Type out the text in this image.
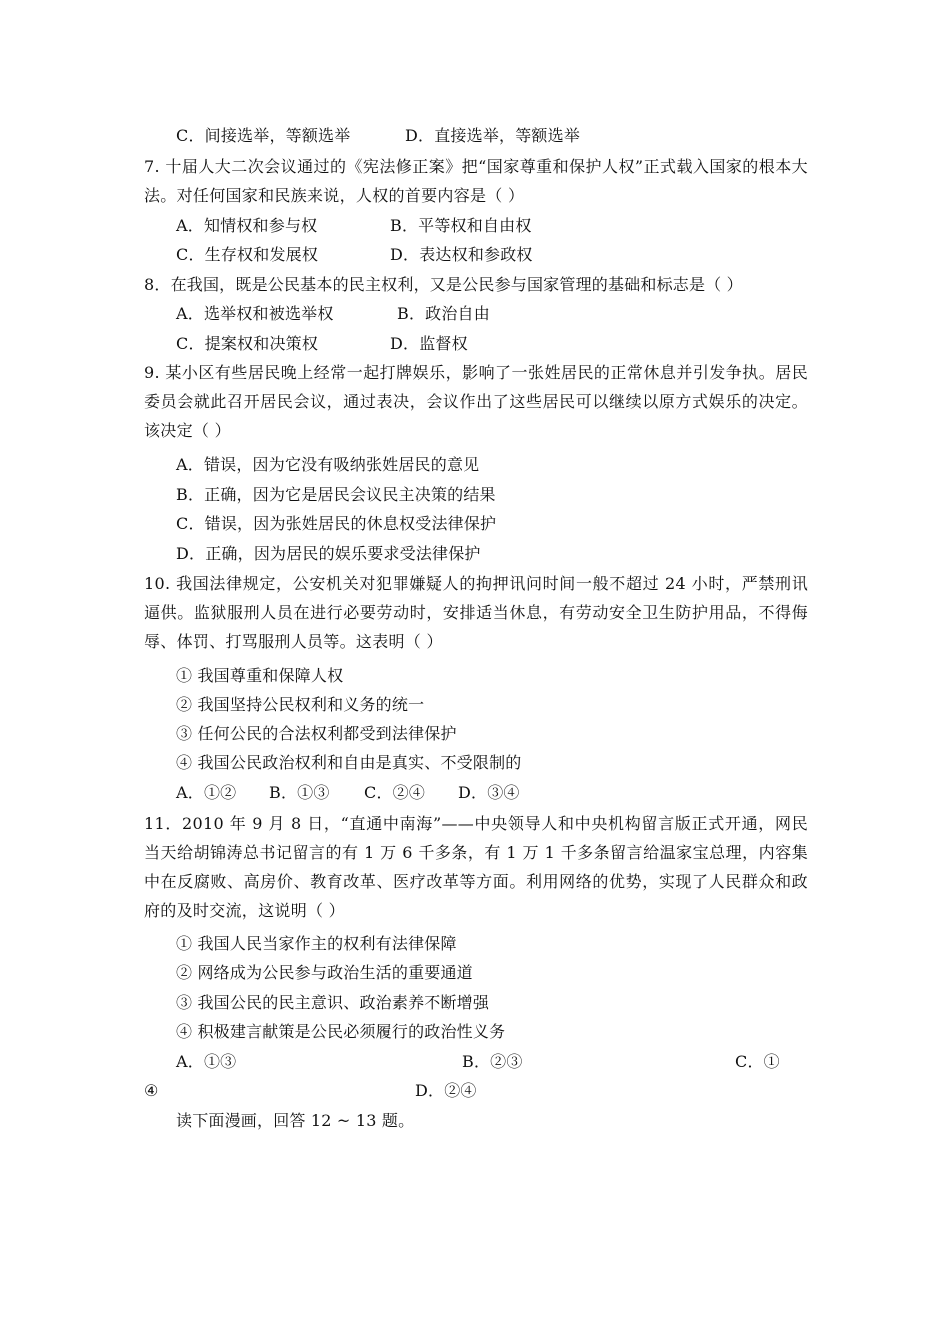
C．间接选举，等额选举	D．直接选举，等额选举
7. 十届人大二次会议通过的《宪法修正案》把“国家尊重和保护人权”正式载入国家的根本大法。对任何国家和民族来说，人权的首要内容是（ ）
A．知情权和参与权	B．平等权和自由权
C．生存权和发展权	D．表达权和参政权
8．在我国，既是公民基本的民主权利，又是公民参与国家管理的基础和标志是（ ）
A．选举权和被选举权	B．政治自由
C．提案权和决策权	D．监督权
9. 某小区有些居民晚上经常一起打牌娱乐，影响了一张姓居民的正常休息并引发争执。居民委员会就此召开居民会议，通过表决，会议作出了这些居民可以继续以原方式娱乐的决定。该决定（ ）
A．错误，因为它没有吸纳张姓居民的意见
B．正确，因为它是居民会议民主决策的结果
C．错误，因为张姓居民的休息权受法律保护
D．正确，因为居民的娱乐要求受法律保护
10. 我国法律规定，公安机关对犯罪嫌疑人的拘押讯问时间一般不超过 24 小时，严禁刑讯逼供。监狱服刑人员在进行必要劳动时，安排适当休息，有劳动安全卫生防护用品，不得侮辱、体罚、打骂服刑人员等。这表明（ ）
① 我国尊重和保障人权
② 我国坚持公民权利和义务的统一
③ 任何公民的合法权利都受到法律保护
④ 我国公民政治权利和自由是真实、不受限制的
A．①② B．①③ C．②④ D．③④
11．2010 年 9 月 8 日，“直通中南海”——中央领导人和中央机构留言版正式开通，网民当天给胡锦涛总书记留言的有 1 万 6 千多条，有 1 万 1 千多条留言给温家宝总理，内容集中在反腐败、高房价、教育改革、医疗改革等方面。利用网络的优势，实现了人民群众和政府的及时交流，这说明（ ）
① 我国人民当家作主的权利有法律保障
② 网络成为公民参与政治生活的重要通道
③ 我国公民的民主意识、政治素养不断增强
④ 积极建言献策是公民必须履行的政治性义务
A．①③	B．②③	C．①
④	D．②④
读下面漫画，回答 12 ~ 13 题。
